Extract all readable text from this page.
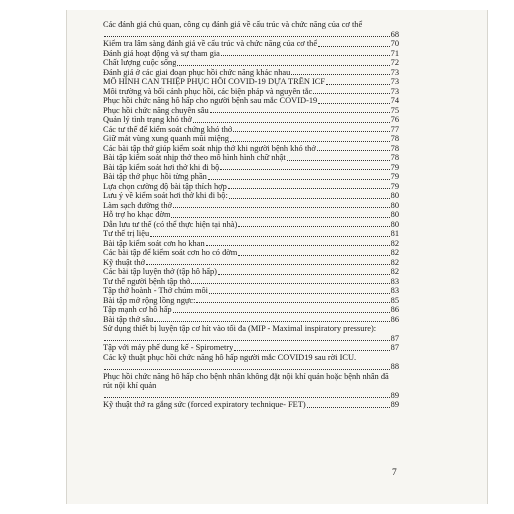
Các đánh giá chủ quan, công cụ đánh giá về cấu trúc và chức năng của cơ thể
68
Kiểm tra lâm sàng đánh giá về cấu trúc và chức năng của cơ thể	70
Đánh giá hoạt động và sự tham gia	71
Chất lượng cuộc sống	72
Đánh giá ở các giai đoạn phục hồi chức năng khác nhau	73
MÔ HÌNH CAN THIỆP PHỤC HỒI COVID-19 DỰA TRÊN ICF	73
Môi trường và bối cảnh phục hồi, các biện pháp và nguyên tắc	73
Phục hồi chức năng hô hấp cho người bệnh sau mắc COVID-19	74
Phục hồi chức năng chuyên sâu	75
Quản lý tình trạng khó thở	76
Các tư thế để kiểm soát chứng khó thở	77
Giữ mát vùng xung quanh mũi miệng	78
Các bài tập thở giúp kiểm soát nhịp thở khi người bệnh khó thở	78
Bài tập kiểm soát nhịp thở theo mô hình hình chữ nhật	78
Bài tập kiểm soát hơi thở khi đi bộ	79
Bài tập thở phục hồi từng phần	79
Lựa chọn cường độ bài tập thích hợp	79
Lưu ý về kiểm soát hơi thở khi đi bộ:	80
Làm sạch đường thở	80
Hỗ trợ ho khạc đờm	80
Dẫn lưu tư thế (có thể thực hiện tại nhà)	80
Tư thế trị liệu	81
Bài tập kiểm soát cơn ho khan	82
Các bài tập để kiểm soát cơn ho có đờm	82
Kỹ thuật thở	82
Các bài tập luyện thở (tập hô hấp)	82
Tư thế người bệnh tập thở	83
Tập thở hoành - Thở chúm môi	83
Bài tập mở rộng lồng ngực:	85
Tập mạnh cơ hô hấp	86
Bài tập thở sâu	86
Sử dụng thiết bị luyện tập cơ hít vào tối đa (MIP - Maximal inspiratory pressure):
87
Tập với máy phế dung kế - Spirometry	87
Các kỹ thuật phục hồi chức năng hô hấp người mắc COVID19 sau rời ICU.
88
Phục hồi chức năng hô hấp cho bệnh nhân không đặt nội khí quản hoặc bệnh nhân đã rút nội khí quản
89
Kỹ thuật thở ra gắng sức (forced expiratory technique- FET)	89
7
